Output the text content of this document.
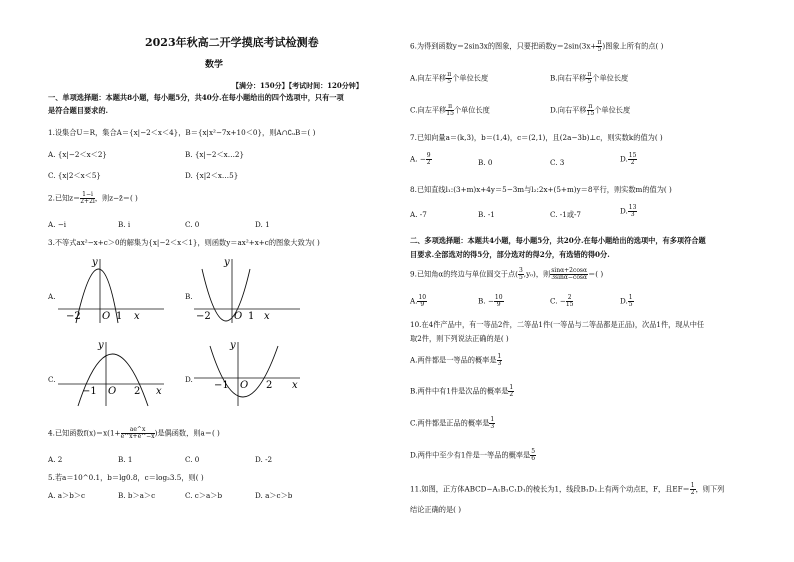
2023年秋高二开学摸底考试检测卷
数学
【满分：150分】【考试时间：120分钟】
一、单项选择题：本题共8小题，每小题5分，共40分.在每小题给出的四个选项中，只有一项
是符合题目要求的.
1.设集合U＝R，集合A＝{x|−2＜x＜4}，B＝{x|x²−7x+10＜0}，则A∩∁ᵤB＝( )
A. {x|−2＜x＜2}	B. {x|−2＜x…2}
C. {x|2＜x＜5}	D. {x|2＜x…5}
2.已知$z= \frac{1-i}{2+2i}$ ，则z−z̄＝( )
A. −i	B. i	C. 0	D. 1
3.不等式ax²−x+c＞0的解集为{x|−2＜x＜1}，则函数y＝ax²+x+c的图象大致为( )
A.
y
x
O
−2	1
B.
y
x
O
−2	1
C.
y
x
O
−1	2
D.
y
x
O
−1	2
4.已知函数$f(x)=x(1+ \frac{ae\^{}x}{e\^{}x+e\^{}-x}$ )是偶函数，则a＝( )
A. 2	B. 1	C. 0	D. -2
5.若a＝10^0.1，b＝lg0.8，c＝log₂3.5，则( )
A. a＞b＞c	B. b＞a＞c	C. c＞a＞b	D. a＞c＞b
6.为得到函数y＝2sin3x的图象，只要把函数$y=2\sin(3x+ \frac{\pi}{5}$ )图象上所有的点( )
A.向左平移 $\frac{\pi}{5}$ 个单位长度	B.向右平移 $\frac{\pi}{5}$ 个单位长度
C.向左平移 $\frac{\pi}{15}$ 个单位长度	D.向右平移 $\frac{\pi}{15}$ 个单位长度
7.已知向量a＝(k,3)，b＝(1,4)，c＝(2,1)，且(2a−3b)⊥c，则实数k的值为( )
A. − $\frac{9}{2}$	B. 0	C. 3	D. $\frac{15}{2}$
8.已知直线l₁:(3+m)x+4y＝5−3m与l₂:2x+(5+m)y＝8平行，则实数m的值为( )
A. -7	B. -1	C. -1或-7	D. $\frac{13}{3}$
二、多项选择题：本题共4小题，每小题5分，共20分.在每小题给出的选项中，有多项符合题
目要求.全部选对的得5分，部分选对的得2分，有选错的得0分.
9.已知角α的终边与单位圆交于点( $\frac{3}{5} ,y_0$)，则 $\frac{\sin\alpha+2\cos\alpha}{3\sin\alpha-\cos\alpha}$ ＝( )
A. $\frac{10}{9}$	B. − $\frac{10}{9}$	C. − $\frac{2}{15}$	D. $\frac{1}{5}$
10.在4件产品中，有一等品2件，二等品1件(一等品与二等品都是正品)，次品1件，现从中任
取2件，则下列说法正确的是( )
A.两件都是一等品的概率是 $\frac{1}{3}$
B.两件中有1件是次品的概率是 $\frac{1}{2}$
C.两件都是正品的概率是 $\frac{1}{3}$
D.两件中至少有1件是一等品的概率是 $\frac{5}{6}$
11.如图，正方体ABCD−A₁B₁C₁D₁的棱长为1，线段B₁D₁上有两个动点E，F，且$EF= \frac{1}{2}$ ，则下列
结论正确的是( )
